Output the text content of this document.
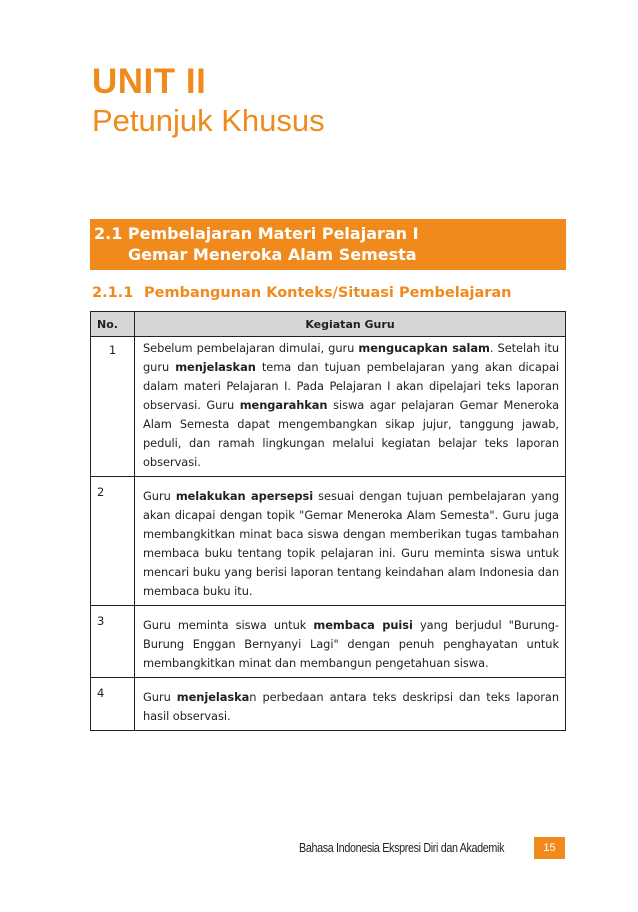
UNIT II
Petunjuk Khusus
2.1 Pembelajaran Materi Pelajaran I
Gemar Meneroka Alam Semesta
2.1.1 Pembangunan Konteks/Situasi Pembelajaran
No.	Kegiatan Guru
1	Sebelum pembelajaran dimulai, guru mengucapkan salam. Setelah itu guru menjelaskan tema dan tujuan pembelajaran yang akan dicapai dalam materi Pelajaran I. Pada Pelajaran I akan dipelajari teks laporan observasi. Guru mengarahkan siswa agar pelajaran Gemar Meneroka Alam Semesta dapat mengembangkan sikap jujur, tanggung jawab, peduli, dan ramah lingkungan melalui kegiatan belajar teks laporan observasi.
2	Guru melakukan apersepsi sesuai dengan tujuan pembelajaran yang akan dicapai dengan topik "Gemar Meneroka Alam Semesta". Guru juga membangkitkan minat baca siswa dengan memberikan tugas tambahan membaca buku tentang topik pelajaran ini. Guru meminta siswa untuk mencari buku yang berisi laporan tentang keindahan alam Indonesia dan membaca buku itu.
3	Guru meminta siswa untuk membaca puisi yang berjudul "Burung-Burung Enggan Bernyanyi Lagi" dengan penuh penghayatan untuk membangkitkan minat dan membangun pengetahuan siswa.
4	Guru menjelaskan perbedaan antara teks deskripsi dan teks laporan hasil observasi.
Bahasa Indonesia Ekspresi Diri dan Akademik	15
